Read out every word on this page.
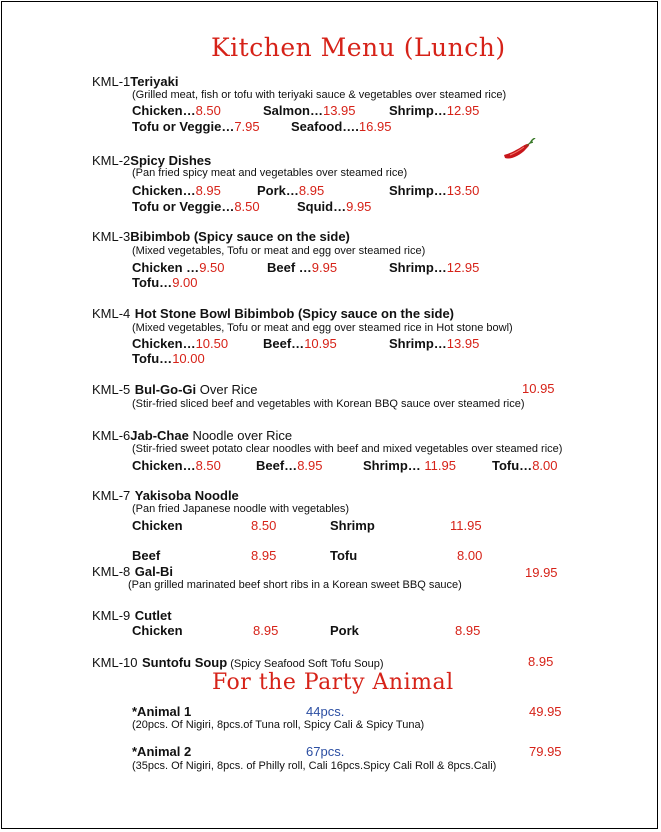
Kitchen Menu (Lunch)
KML-1Teriyaki
(Grilled meat, fish or tofu with teriyaki sauce & vegetables over steamed rice)
Chicken…8.50	Salmon…13.95	Shrimp…12.95
Tofu or Veggie…7.95 Seafood….16.95
KML-2Spicy Dishes
(Pan fried spicy meat and vegetables over steamed rice)
Chicken…8.95	Pork…8.95	Shrimp…13.50
Tofu or Veggie…8.50	Squid…9.95
KML-3Bibimbob (Spicy sauce on the side)
(Mixed vegetables, Tofu or meat and egg over steamed rice)
Chicken …9.50	Beef …9.95	Shrimp…12.95
Tofu…9.00
KML-4 Hot Stone Bowl Bibimbob (Spicy sauce on the side)
(Mixed vegetables, Tofu or meat and egg over steamed rice in Hot stone bowl)
Chicken…10.50	Beef…10.95	Shrimp…13.95
Tofu…10.00
KML-5 Bul-Go-Gi Over Rice	10.95
(Stir-fried sliced beef and vegetables with Korean BBQ sauce over steamed rice)
KML-6Jab-Chae Noodle over Rice
(Stir-fried sweet potato clear noodles with beef and mixed vegetables over steamed rice)
Chicken…8.50	Beef…8.95	Shrimp… 11.95	Tofu…8.00
KML-7 Yakisoba Noodle
(Pan fried Japanese noodle with vegetables)
Chicken	8.50	Shrimp	11.95
Beef	8.95	Tofu	8.00
KML-8 Gal-Bi	19.95
(Pan grilled marinated beef short ribs in a Korean sweet BBQ sauce)
KML-9 Cutlet
Chicken	8.95	Pork	8.95
KML-10 Suntofu Soup (Spicy Seafood Soft Tofu Soup)	8.95
For the Party Animal
*Animal 1	44pcs.	49.95
(20pcs. Of Nigiri, 8pcs.of Tuna roll, Spicy Cali & Spicy Tuna)
*Animal 2	67pcs.	79.95
(35pcs. Of Nigiri, 8pcs. of Philly roll, Cali 16pcs.Spicy Cali Roll & 8pcs.Cali)
